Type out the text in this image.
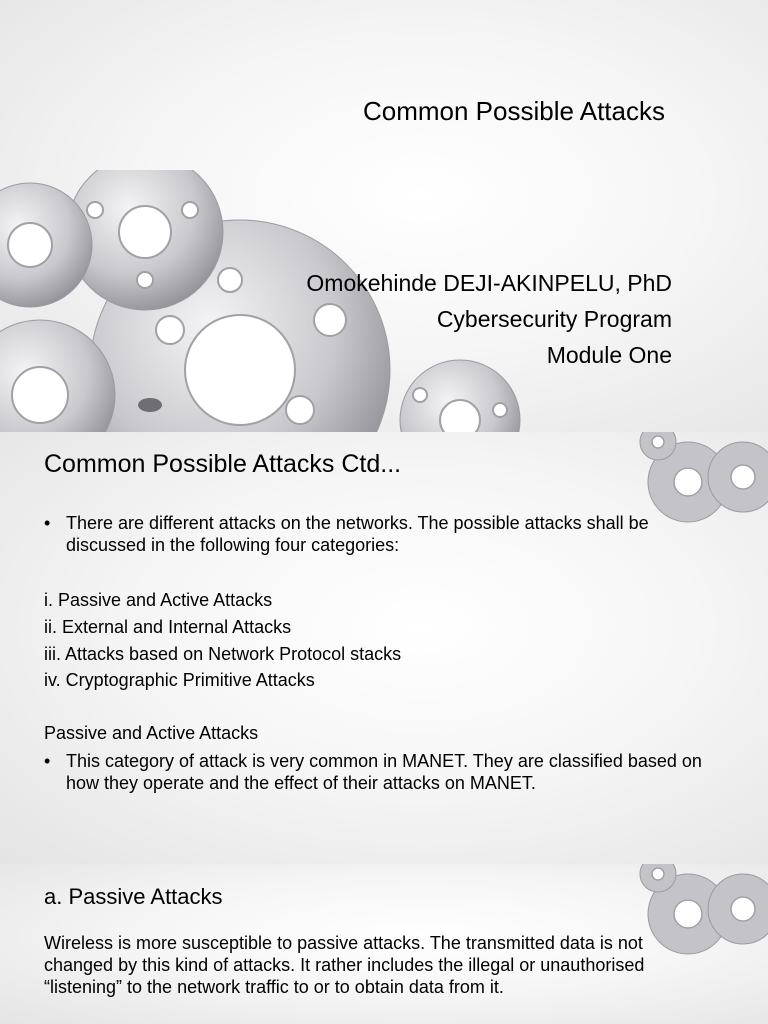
Common Possible Attacks
Omokehinde DEJI-AKINPELU, PhD
Cybersecurity Program
Module One
Common Possible Attacks Ctd...
• There are different attacks on the networks. The possible attacks shall be discussed in the following four categories:
i. Passive and Active Attacks
ii. External and Internal Attacks
iii. Attacks based on Network Protocol stacks
iv. Cryptographic Primitive Attacks
Passive and Active Attacks
• This category of attack is very common in MANET. They are classified based on how they operate and the effect of their attacks on MANET.
a. Passive Attacks
Wireless is more susceptible to passive attacks. The transmitted data is not changed by this kind of attacks. It rather includes the illegal or unauthorised “listening” to the network traffic to or to obtain data from it.
